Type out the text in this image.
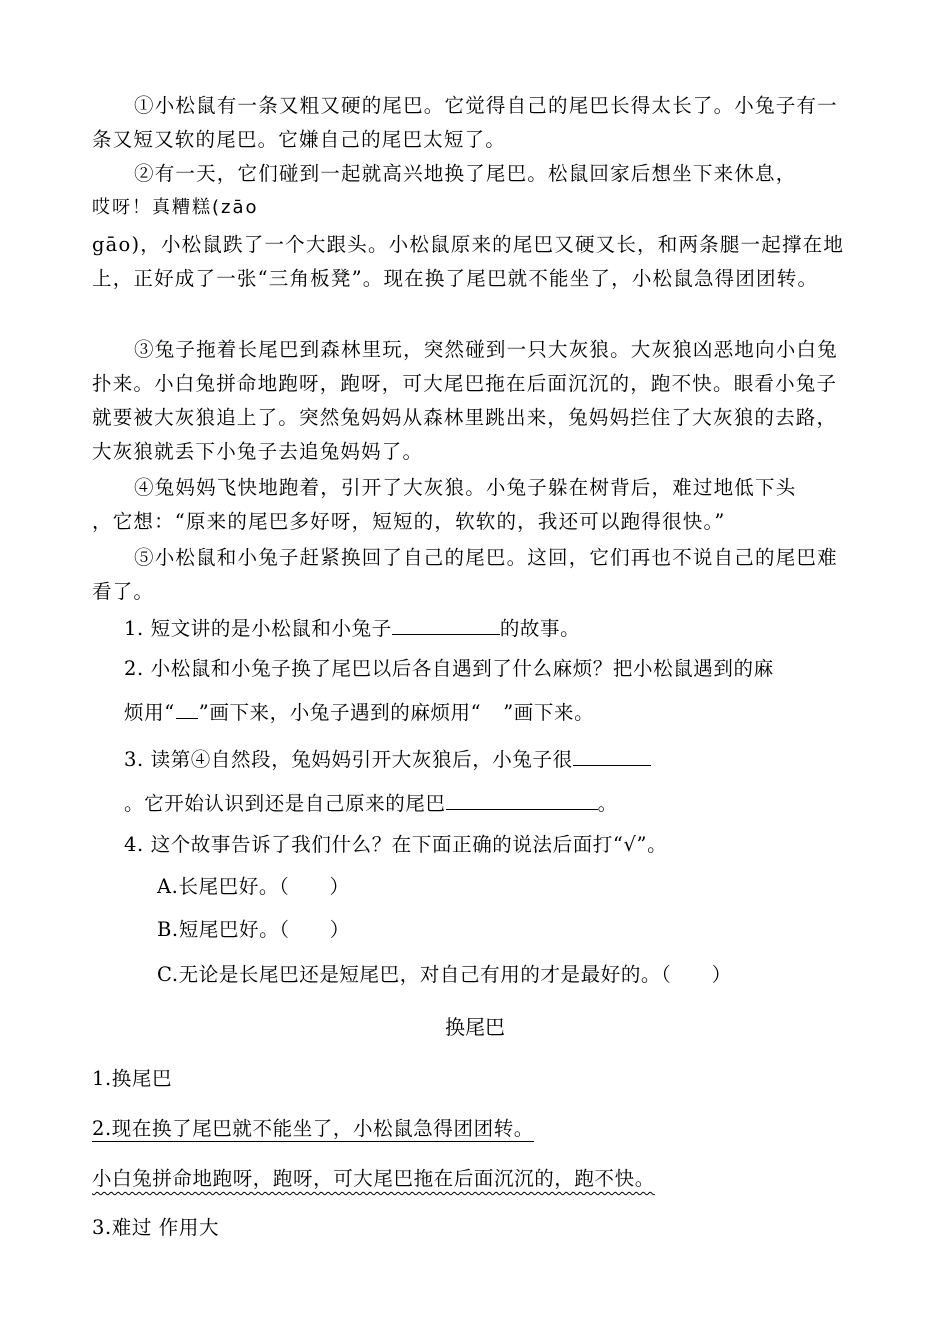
①小松鼠有一条又粗又硬的尾巴。它觉得自己的尾巴长得太长了。小兔子有一条又短又软的尾巴。它嫌自己的尾巴太短了。

②有一天，它们碰到一起就高兴地换了尾巴。松鼠回家后想坐下来休息，

哎呀！真糟糕(zāo

gāo)，小松鼠跌了一个大跟头。小松鼠原来的尾巴又硬又长，和两条腿一起撑在地上，正好成了一张“三角板凳”。现在换了尾巴就不能坐了，小松鼠急得团团转。

③兔子拖着长尾巴到森林里玩，突然碰到一只大灰狼。大灰狼凶恶地向小白兔扑来。小白兔拼命地跑呀，跑呀，可大尾巴拖在后面沉沉的，跑不快。眼看小兔子就要被大灰狼追上了。突然兔妈妈从森林里跳出来，兔妈妈拦住了大灰狼的去路，大灰狼就丢下小兔子去追兔妈妈了。

④兔妈妈飞快地跑着，引开了大灰狼。小兔子躲在树背后，难过地低下头

，它想：“原来的尾巴多好呀，短短的，软软的，我还可以跑得很快。”

⑤小松鼠和小兔子赶紧换回了自己的尾巴。这回，它们再也不说自己的尾巴难看了。

1. 短文讲的是小松鼠和小兔子	的故事。
2. 小松鼠和小兔子换了尾巴以后各自遇到了什么麻烦？把小松鼠遇到的麻
烦用“ ”画下来，小兔子遇到的麻烦用“ ”画下来。
3. 读第④自然段，兔妈妈引开大灰狼后，小兔子很
。它开始认识到还是自己原来的尾巴	。
4. 这个故事告诉了我们什么？在下面正确的说法后面打“√”。
A.长尾巴好。（　　）
B.短尾巴好。（　　）
C.无论是长尾巴还是短尾巴，对自己有用的才是最好的。（　　）
换尾巴
1.换尾巴
2.现在换了尾巴就不能坐了，小松鼠急得团团转。
小白兔拼命地跑呀，跑呀，可大尾巴拖在后面沉沉的，跑不快。
3.难过 作用大
